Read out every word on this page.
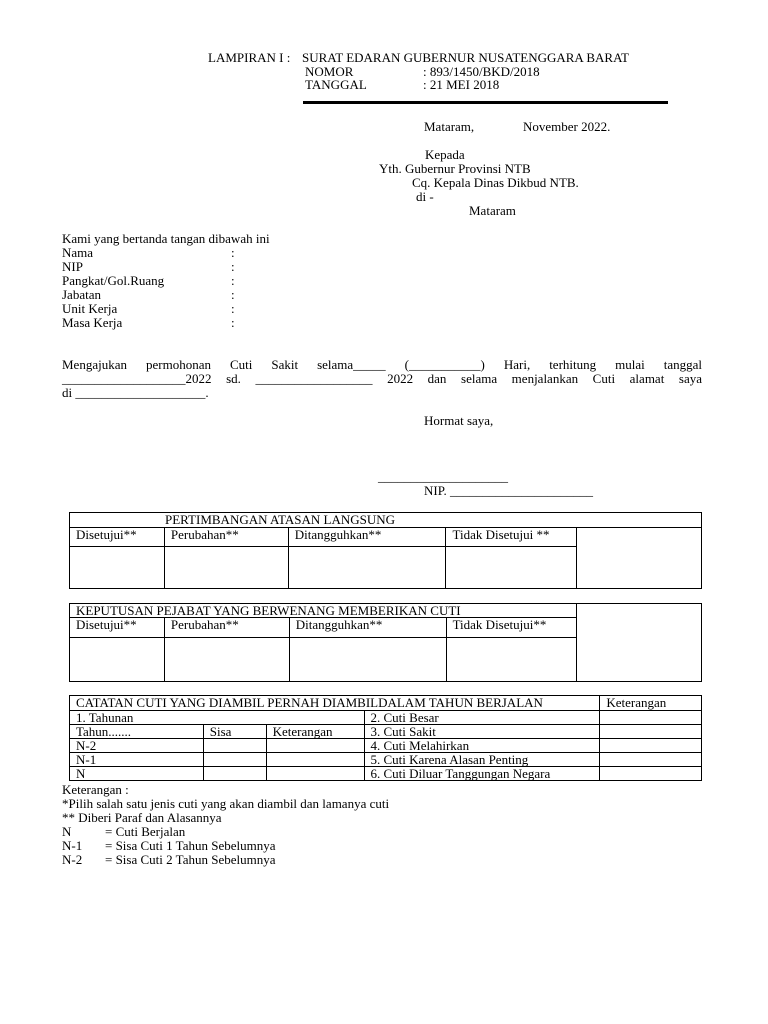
LAMPIRAN I : SURAT EDARAN GUBERNUR NUSATENGGARA BARAT
NOMOR	: 893/1450/BKD/2018
TANGGAL	: 21 MEI 2018
Mataram,	November 2022.
Kepada
Yth. Gubernur Provinsi NTB
Cq. Kepala Dinas Dikbud NTB.
di -
Mataram
Kami yang bertanda tangan dibawah ini
Nama	:
NIP	:
Pangkat/Gol.Ruang	:
Jabatan	:
Unit Kerja	:
Masa Kerja	:
Mengajukan permohonan Cuti Sakit selama_____ (___________) Hari, terhitung mulai tanggal
___________________2022 sd. __________________ 2022 dan selama menjalankan Cuti alamat saya
di ____________________.
Hormat saya,
____________________
NIP. ______________________
PERTIMBANGAN ATASAN LANGSUNG				
Disetujui**	Perubahan**	Ditangguhkan**	Tidak Disetujui **	

KEPUTUSAN PEJABAT YANG BERWENANG MEMBERIKAN CUTI				
Disetujui**	Perubahan**	Ditangguhkan**	Tidak Disetujui**	

CATATAN CUTI YANG DIAMBIL PERNAH DIAMBILDALAM TAHUN BERJALAN				Keterangan
1. Tahunan			2. Cuti Besar	
Tahun.......	Sisa	Keterangan	3. Cuti Sakit	
N-2			4. Cuti Melahirkan	
N-1			5. Cuti Karena Alasan Penting	
N			6. Cuti Diluar Tanggungan Negara	
Keterangan :
*Pilih salah satu jenis cuti yang akan diambil dan lamanya cuti
** Diberi Paraf dan Alasannya
N	= Cuti Berjalan
N-1 = Sisa Cuti 1 Tahun Sebelumnya
N-2 = Sisa Cuti 2 Tahun Sebelumnya
